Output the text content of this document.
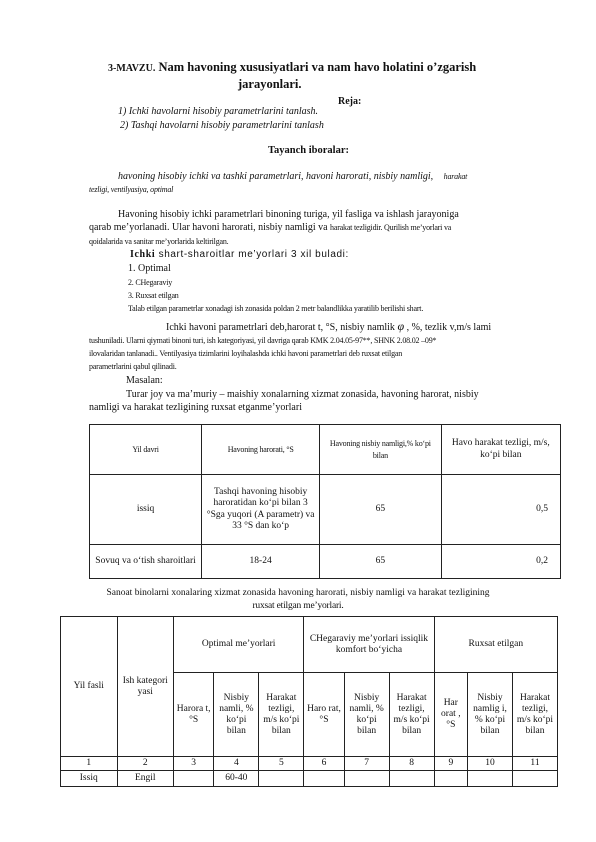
3-MAVZU. Nam havoning xususiyatlari va nam havo holatini o’zgarish
jarayonlari.
Reja:
1) Ichki havolarni hisobiy parametrlarini tanlash.
2) Tashqi havolarni hisobiy parametrlarini tanlash
Tayanch iboralar:
havoning hisobiy ichki va tashki parametrlari, havoni harorati, nisbiy namligi, harakat
tezligi, ventilyasiya, optimal
Havoning hisobiy ichki parametrlari binoning turiga, yil fasliga va ishlash jarayoniga
qarab me’yorlanadi. Ular havoni harorati, nisbiy namligi va harakat tezligidir. Qurilish me’yorlari va
qoidalarida va sanitar me’yorlarida keltirilgan.
Ichki shart-sharoitlar me’yorlari 3 xil buladi:
1. Optimal
2. CHegaraviy
3. Ruxsat etilgan
Talab etilgan parametrlar xonadagi ish zonasida poldan 2 metr balandlikka yaratilib berilishi shart.
Ichki havoni parametrlari deb,harorat t, °S, nisbiy namlik φ , %, tezlik v,m/s lami
tushuniladi. Ularni qiymati binoni turi, ish kategoriyasi, yil davriga qarab KMK 2.04.05-97**, SHNK 2.08.02 –09*
ilovalaridan tanlanadi.. Ventilyasiya tizimlarini loyihalashda ichki havoni parametrlari deb ruxsat etilgan
parametrlarini qabul qilinadi.
Masalan:
Turar joy va ma’muriy – maishiy xonalarning xizmat zonasida, havoning harorat, nisbiy
namligi va harakat tezligining ruxsat etganme’yorlari
Yil davri	Havoning harorati, °S	Havoning nisbiy namligi,% ko‘pi bilan	Havo harakat tezligi, m/s, ko‘pi bilan
issiq	Tashqi havoning hisobiy haroratidan ko‘pi bilan 3 °Sga yuqori (A parametr) va 33 °S dan ko‘p	65	0,5
Sovuq va o‘tish sharoitlari	18-24	65	0,2
Sanoat binolarni xonalaring xizmat zonasida havoning harorati, nisbiy namligi va harakat tezligining
ruxsat etilgan me’yorlari.
Yil fasli	Ish kategori yasi	Optimal me’yorlari			CHegaraviy me’yorlari issiqlik komfort bo‘yicha			Ruxsat etilgan		
		Harora t, °S	Nisbiy namli, % ko‘pi bilan	Harakat tezligi, m/s ko‘pi bilan	Haro rat, °S	Nisbiy namli, % ko‘pi bilan	Harakat tezligi, m/s ko‘pi bilan	Har orat , °S	Nisbiy namlig i, % ko‘pi bilan	Harakat tezligi, m/s ko‘pi bilan
1	2	3	4	5	6	7	8	9	10	11
Issiq	Engil		60-40							
